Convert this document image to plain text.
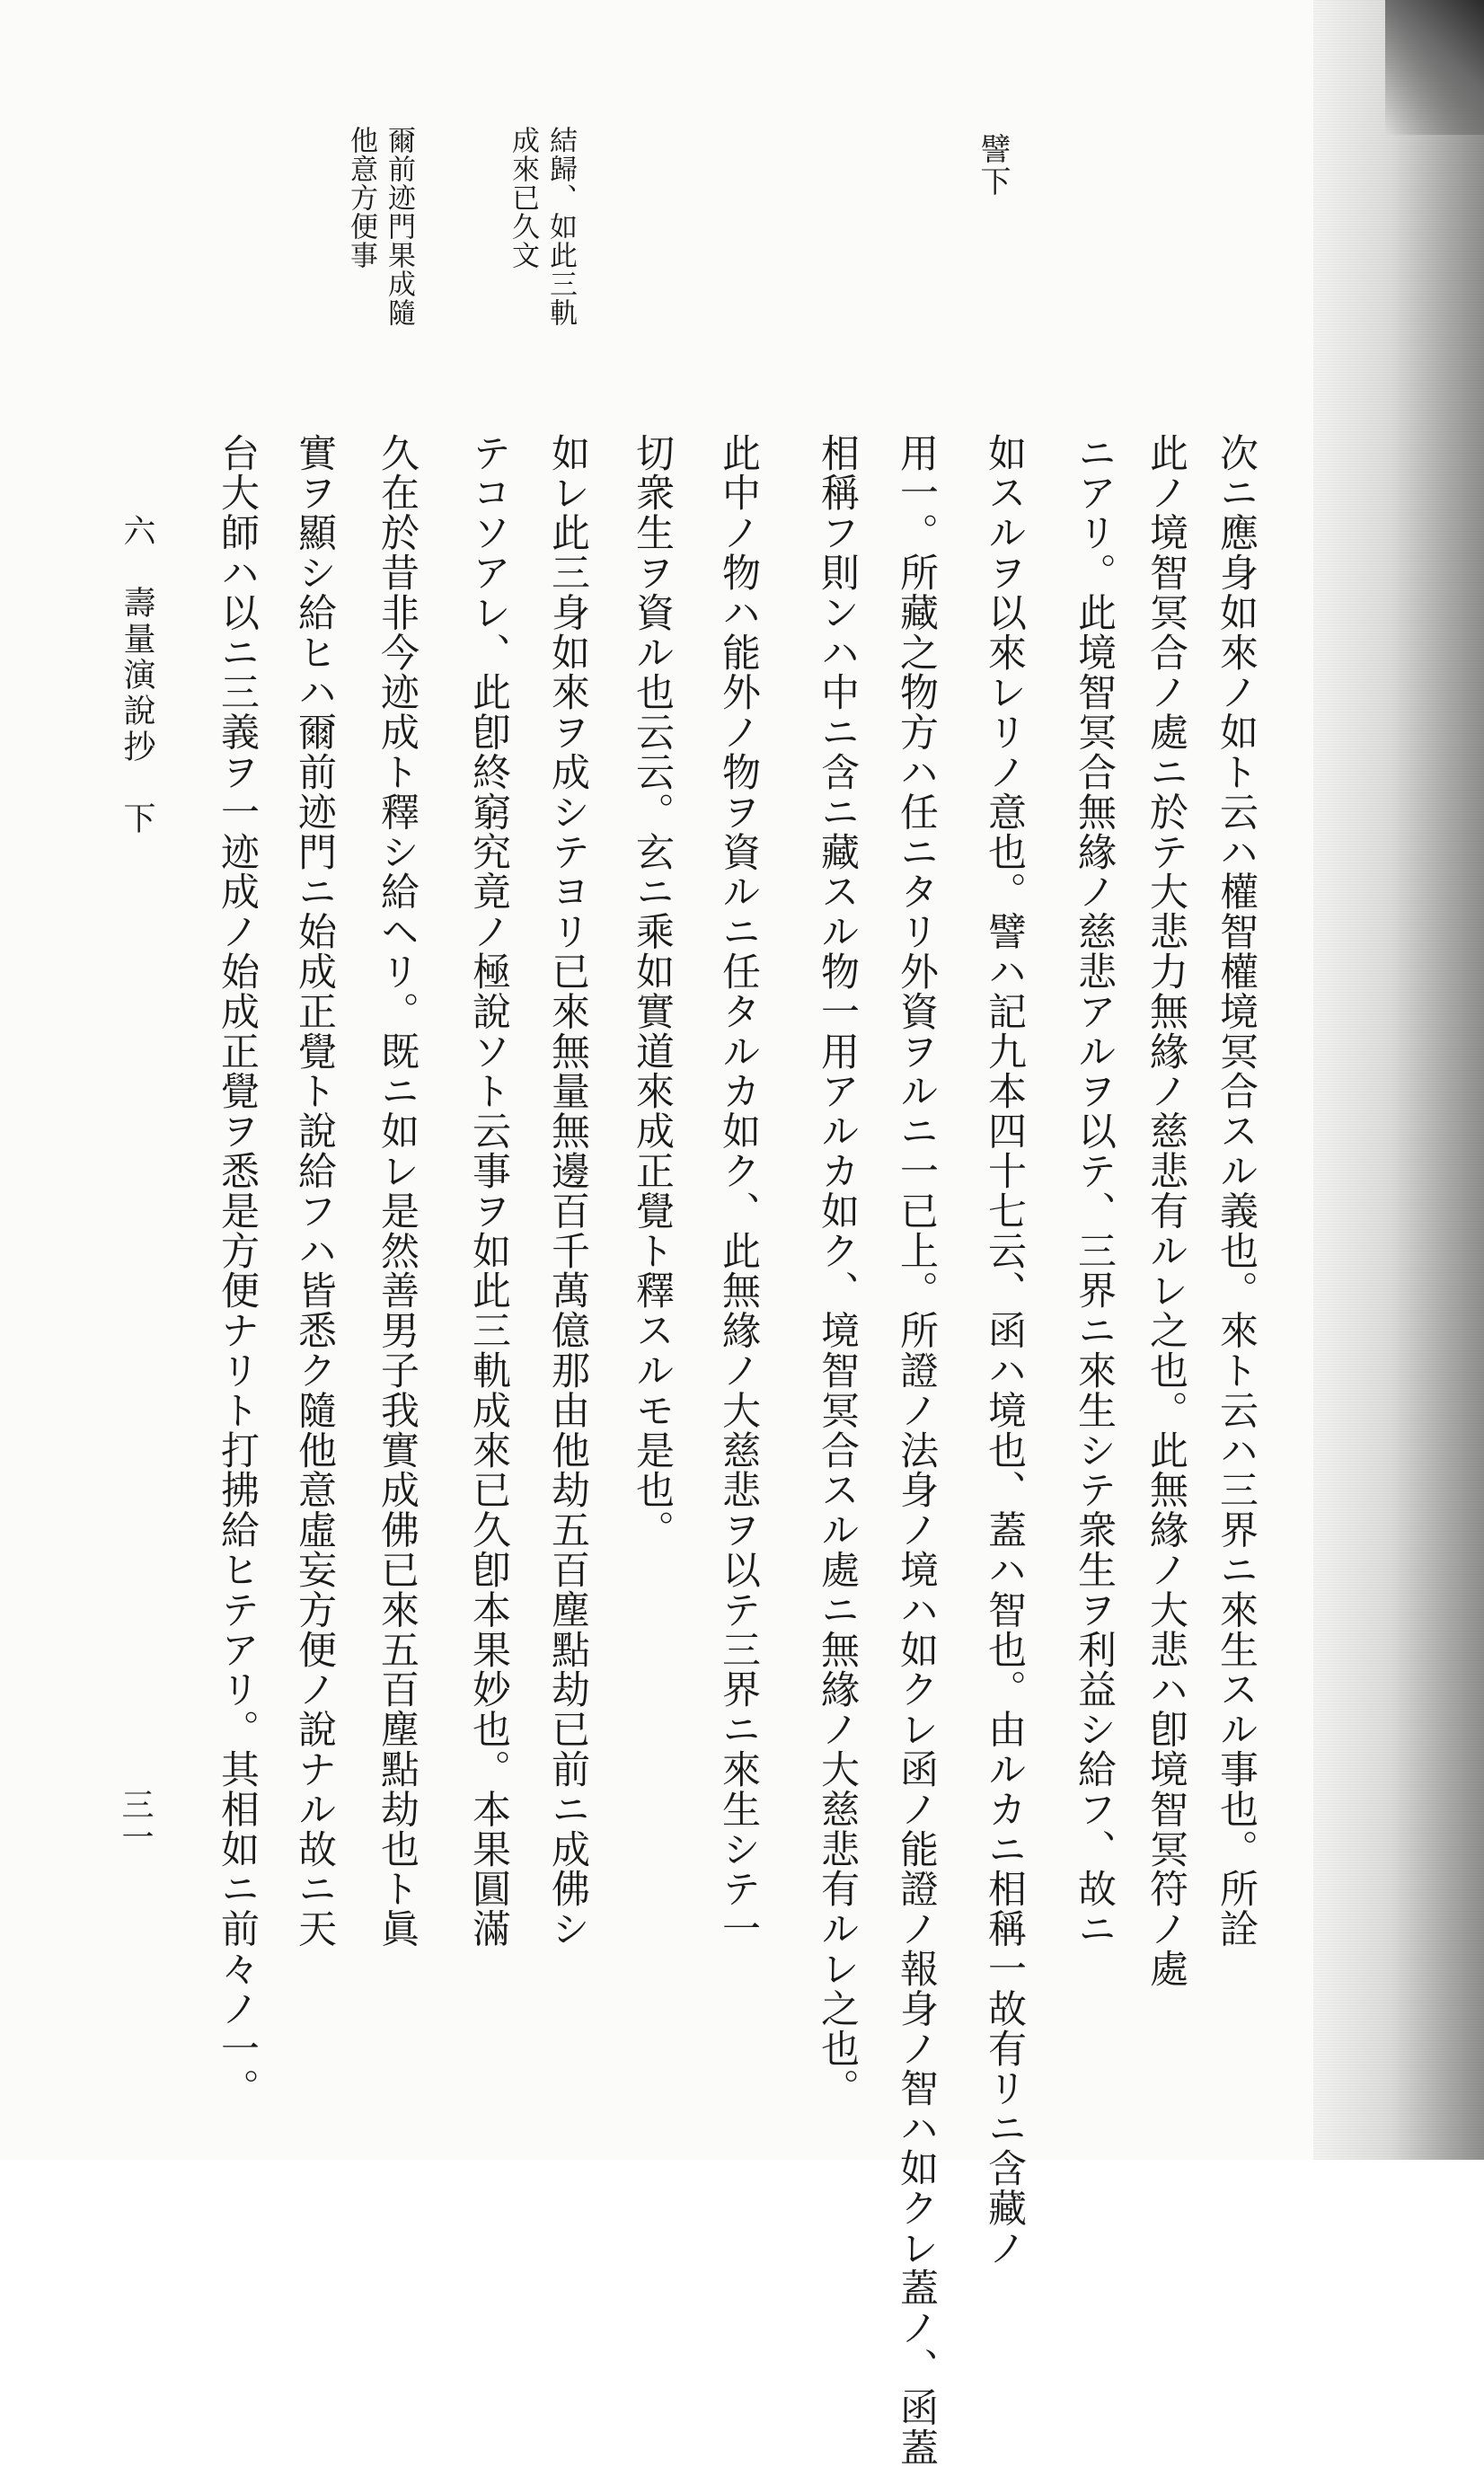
譬下
結歸、如此三軌
成來已久文
爾前迹門果成隨
他意方便事
次ニ應身如來ノ如ト云ハ權智權境冥合スル義也。來ト云ハ三界ニ來生スル事也。所詮
此ノ境智冥合ノ處ニ於テ大悲力無緣ノ慈悲有ルレ之也。此無緣ノ大悲ハ卽境智冥符ノ處
ニアリ。此境智冥合無緣ノ慈悲アルヲ以テ、三界ニ來生シテ衆生ヲ利益シ給フ、故ニ
如スルヲ以來レリノ意也。譬ハ記九本四十七云、函ハ境也、蓋ハ智也。由ルカニ相稱一故有リニ含藏ノ
用一。所藏之物方ハ任ニタリ外資ヲルニ一已上。所證ノ法身ノ境ハ如クレ函ノ能證ノ報身ノ智ハ如クレ蓋ノ、函蓋
相稱フ則ンハ中ニ含ニ藏スル物一用アルカ如ク、境智冥合スル處ニ無緣ノ大慈悲有ルレ之也。
此中ノ物ハ能外ノ物ヲ資ルニ任タルカ如ク、此無緣ノ大慈悲ヲ以テ三界ニ來生シテ一
切衆生ヲ資ル也云云。玄ニ乘如實道來成正覺ト釋スルモ是也。
如レ此三身如來ヲ成シテヨリ已來無量無邊百千萬億那由他劫五百塵點劫已前ニ成佛シ
テコソアレ、此卽終窮究竟ノ極說ソト云事ヲ如此三軌成來已久卽本果妙也。本果圓滿
久在於昔非今迹成ト釋シ給ヘリ。既ニ如レ是然善男子我實成佛已來五百塵點劫也ト眞
實ヲ顯シ給ヒハ爾前迹門ニ始成正覺ト說給フハ皆悉ク隨他意虛妄方便ノ說ナル故ニ天
台大師ハ以ニ三義ヲ一迹成ノ始成正覺ヲ悉是方便ナリト打拂給ヒテアリ。其相如ニ前々ノ一。
六　壽量演說抄　下
三一
